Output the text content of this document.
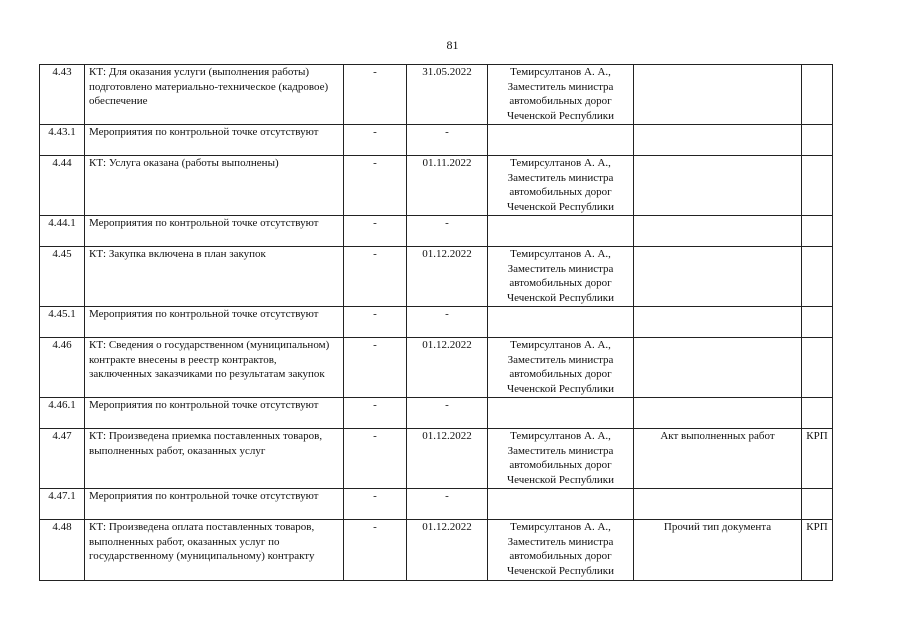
81
4.43	КТ: Для оказания услуги (выполнения работы) подготовлено материально-техническое (кадровое) обеспечение	-	31.05.2022	Темирсултанов А. А., Заместитель министра автомобильных дорог Чеченской Республики		
4.43.1	Мероприятия по контрольной точке отсутствуют	-	-			
4.44	КТ: Услуга оказана (работы выполнены)	-	01.11.2022	Темирсултанов А. А., Заместитель министра автомобильных дорог Чеченской Республики		
4.44.1	Мероприятия по контрольной точке отсутствуют	-	-			
4.45	КТ: Закупка включена в план закупок	-	01.12.2022	Темирсултанов А. А., Заместитель министра автомобильных дорог Чеченской Республики		
4.45.1	Мероприятия по контрольной точке отсутствуют	-	-			
4.46	КТ: Сведения о государственном (муниципальном) контракте внесены в реестр контрактов, заключенных заказчиками по результатам закупок	-	01.12.2022	Темирсултанов А. А., Заместитель министра автомобильных дорог Чеченской Республики		
4.46.1	Мероприятия по контрольной точке отсутствуют	-	-			
4.47	КТ: Произведена приемка поставленных товаров, выполненных работ, оказанных услуг	-	01.12.2022	Темирсултанов А. А., Заместитель министра автомобильных дорог Чеченской Республики	Акт выполненных работ	КРП
4.47.1	Мероприятия по контрольной точке отсутствуют	-	-			
4.48	КТ: Произведена оплата поставленных товаров, выполненных работ, оказанных услуг по государственному (муниципальному) контракту	-	01.12.2022	Темирсултанов А. А., Заместитель министра автомобильных дорог Чеченской Республики	Прочий тип документа	КРП
